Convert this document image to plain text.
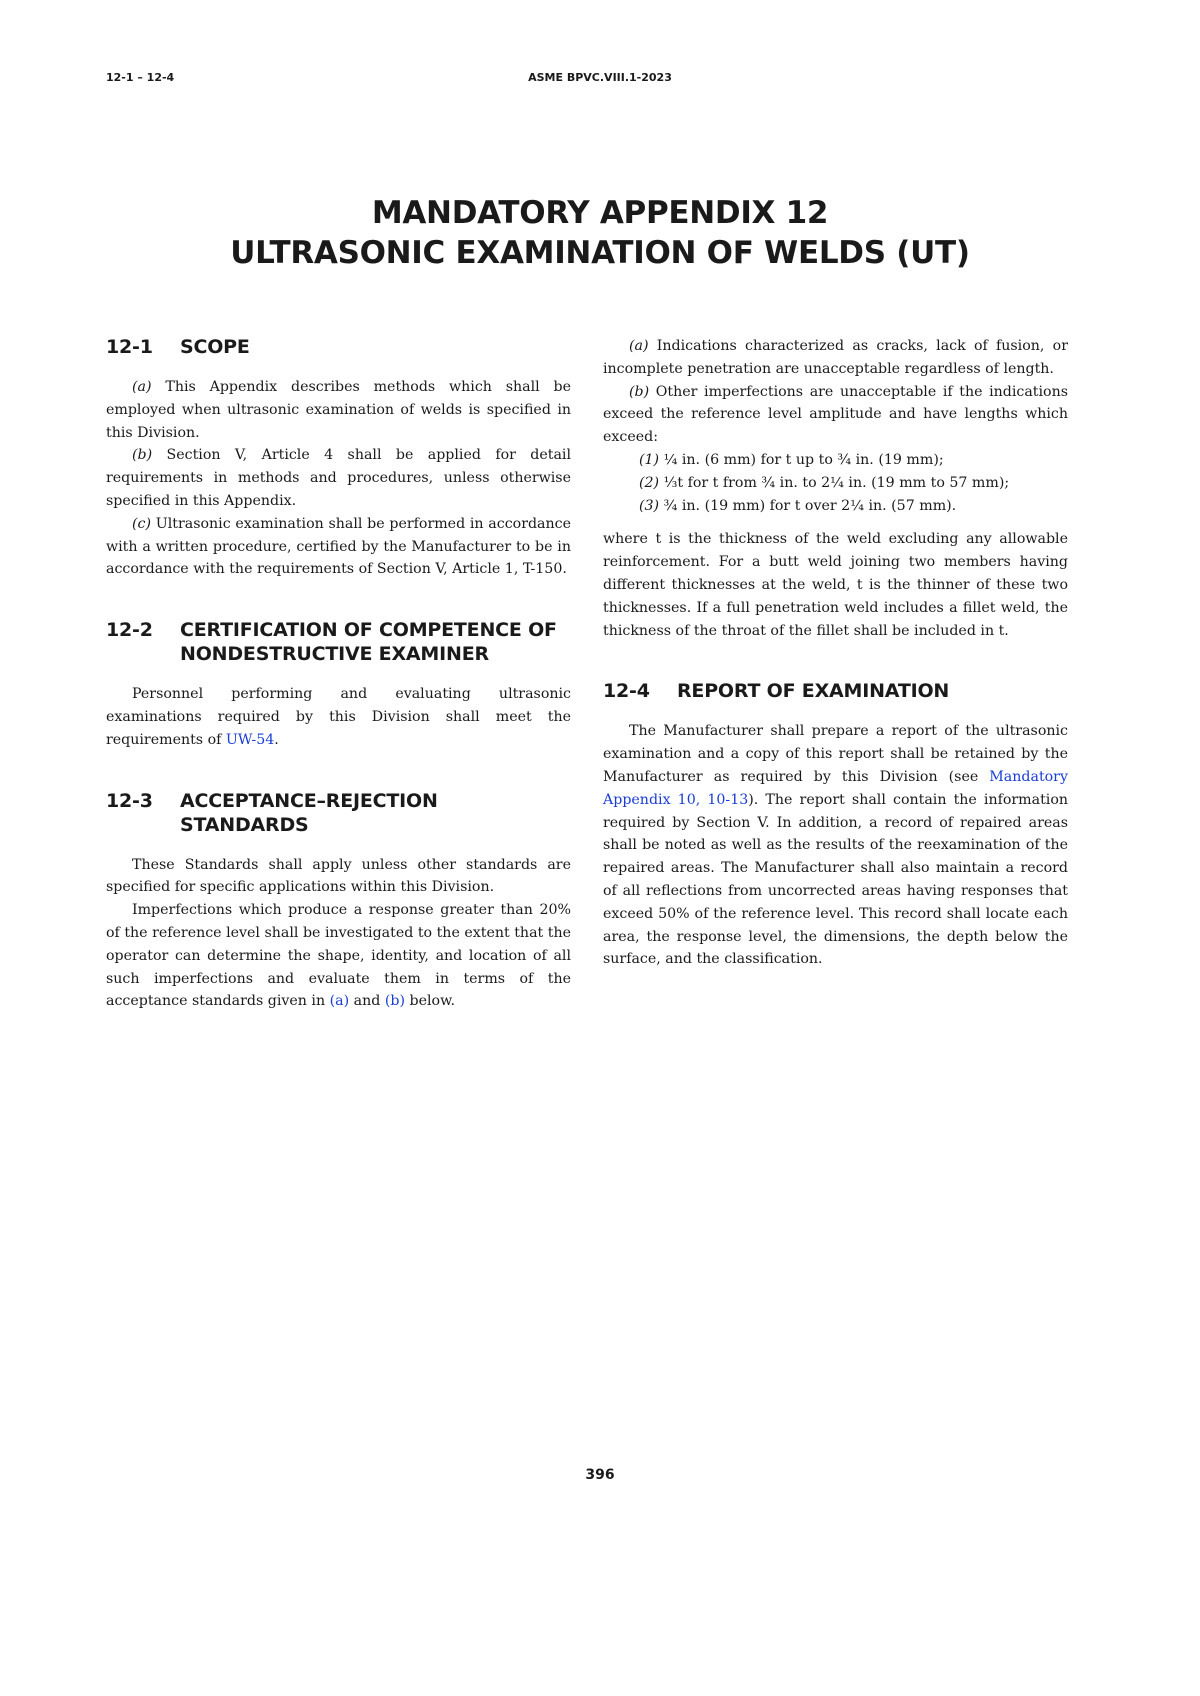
12-1 – 12-4	ASME BPVC.VIII.1-2023
MANDATORY APPENDIX 12
ULTRASONIC EXAMINATION OF WELDS (UT)
12-1	SCOPE

(a) This Appendix describes methods which shall be employed when ultrasonic examination of welds is specified in this Division.

(b) Section V, Article 4 shall be applied for detail requirements in methods and procedures, unless otherwise specified in this Appendix.

(c) Ultrasonic examination shall be performed in accordance with a written procedure, certified by the Manufacturer to be in accordance with the requirements of Section V, Article 1, T-150.

12-2	CERTIFICATION OF COMPETENCE OF NONDESTRUCTIVE EXAMINER

Personnel performing and evaluating ultrasonic examinations required by this Division shall meet the requirements of UW-54.

12-3	ACCEPTANCE–REJECTION STANDARDS

These Standards shall apply unless other standards are specified for specific applications within this Division.

Imperfections which produce a response greater than 20% of the reference level shall be investigated to the extent that the operator can determine the shape, identity, and location of all such imperfections and evaluate them in terms of the acceptance standards given in (a) and (b) below.

(a) Indications characterized as cracks, lack of fusion, or incomplete penetration are unacceptable regardless of length.

(b) Other imperfections are unacceptable if the indications exceed the reference level amplitude and have lengths which exceed:

(1) ¼ in. (6 mm) for t up to ¾ in. (19 mm);

(2) ⅓t for t from ¾ in. to 2¼ in. (19 mm to 57 mm);

(3) ¾ in. (19 mm) for t over 2¼ in. (57 mm).

where t is the thickness of the weld excluding any allowable reinforcement. For a butt weld joining two members having different thicknesses at the weld, t is the thinner of these two thicknesses. If a full penetration weld includes a fillet weld, the thickness of the throat of the fillet shall be included in t.

12-4	REPORT OF EXAMINATION

The Manufacturer shall prepare a report of the ultrasonic examination and a copy of this report shall be retained by the Manufacturer as required by this Division (see Mandatory Appendix 10, 10-13). The report shall contain the information required by Section V. In addition, a record of repaired areas shall be noted as well as the results of the reexamination of the repaired areas. The Manufacturer shall also maintain a record of all reflections from uncorrected areas having responses that exceed 50% of the reference level. This record shall locate each area, the response level, the dimensions, the depth below the surface, and the classification.

396
